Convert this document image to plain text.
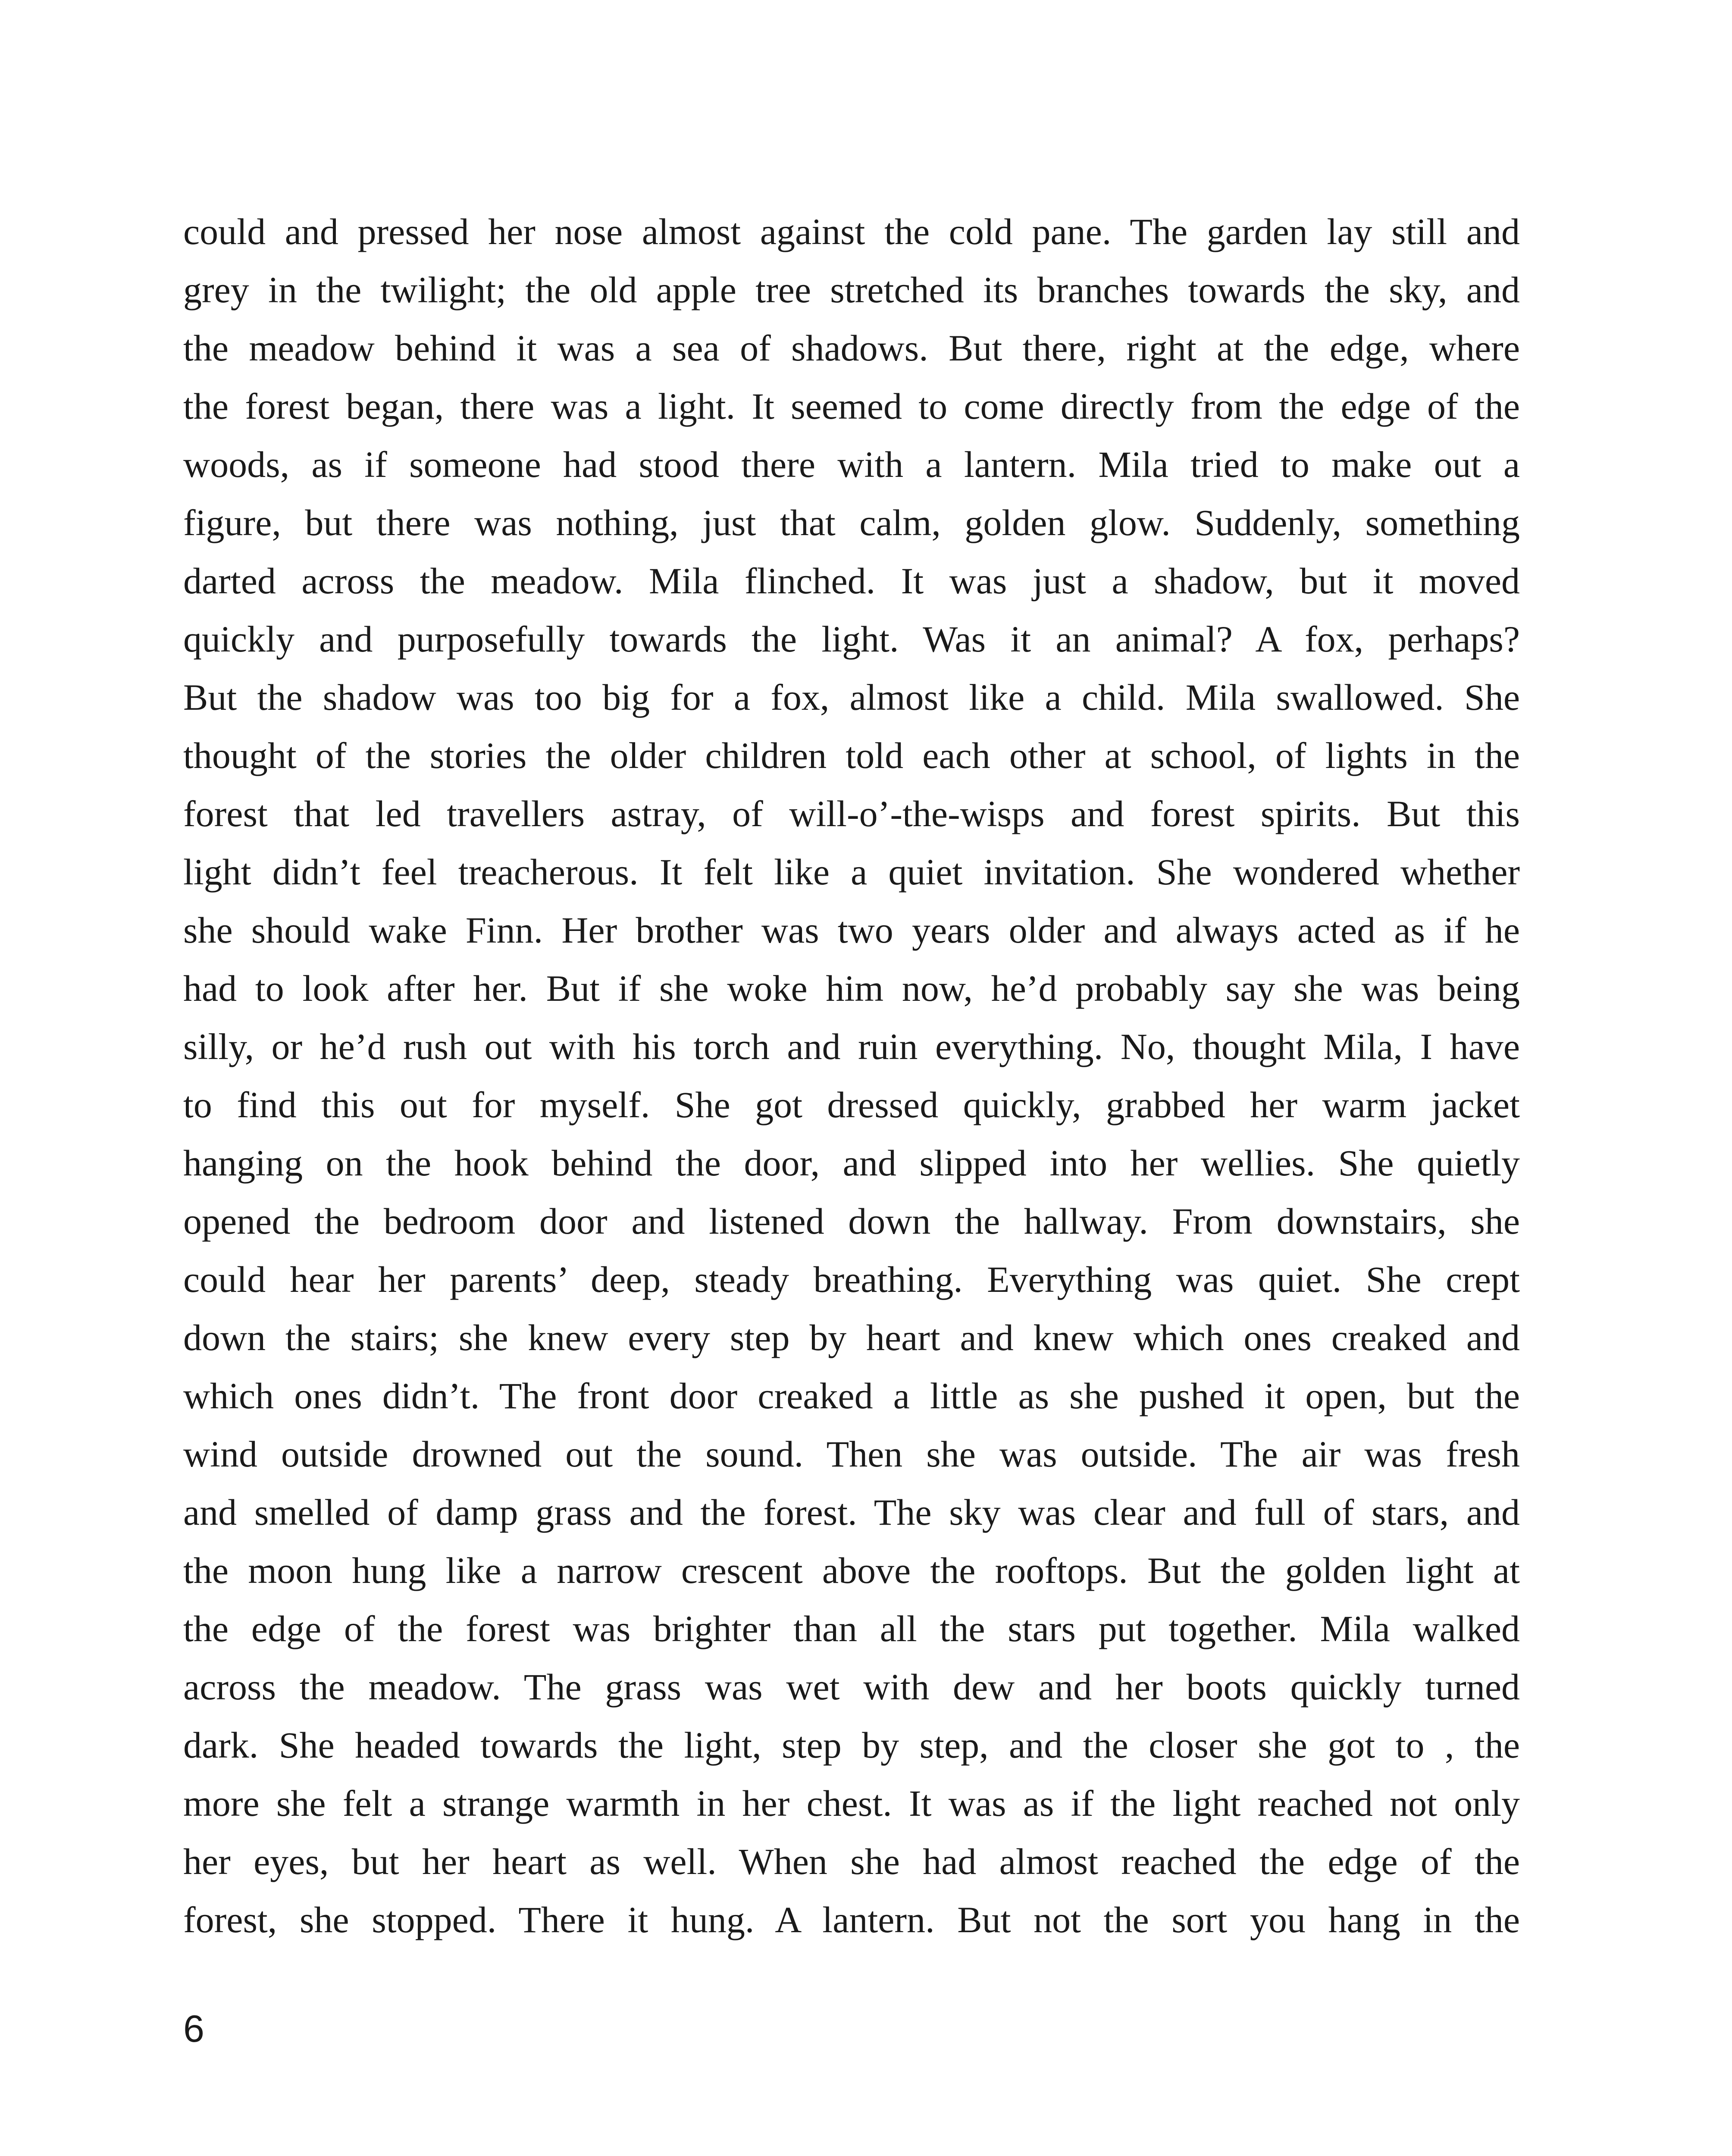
could and pressed her nose almost against the cold pane. The garden lay still and
grey in the twilight; the old apple tree stretched its branches towards the sky, and
the meadow behind it was a sea of shadows. But there, right at the edge, where
the forest began, there was a light. It seemed to come directly from the edge of the
woods, as if someone had stood there with a lantern. Mila tried to make out a
figure, but there was nothing, just that calm, golden glow. Suddenly, something
darted across the meadow. Mila flinched. It was just a shadow, but it moved
quickly and purposefully towards the light. Was it an animal? A fox, perhaps?
But the shadow was too big for a fox, almost like a child. Mila swallowed. She
thought of the stories the older children told each other at school, of lights in the
forest that led travellers astray, of will-o’-the-wisps and forest spirits. But this
light didn’t feel treacherous. It felt like a quiet invitation. She wondered whether
she should wake Finn. Her brother was two years older and always acted as if he
had to look after her. But if she woke him now, he’d probably say she was being
silly, or he’d rush out with his torch and ruin everything. No, thought Mila, I have
to find this out for myself. She got dressed quickly, grabbed her warm jacket
hanging on the hook behind the door, and slipped into her wellies. She quietly
opened the bedroom door and listened down the hallway. From downstairs, she
could hear her parents’ deep, steady breathing. Everything was quiet. She crept
down the stairs; she knew every step by heart and knew which ones creaked and
which ones didn’t. The front door creaked a little as she pushed it open, but the
wind outside drowned out the sound. Then she was outside. The air was fresh
and smelled of damp grass and the forest. The sky was clear and full of stars, and
the moon hung like a narrow crescent above the rooftops. But the golden light at
the edge of the forest was brighter than all the stars put together. Mila walked
across the meadow. The grass was wet with dew and her boots quickly turned
dark. She headed towards the light, step by step, and the closer she got to , the
more she felt a strange warmth in her chest. It was as if the light reached not only
her eyes, but her heart as well. When she had almost reached the edge of the
forest, she stopped. There it hung. A lantern. But not the sort you hang in the
6
